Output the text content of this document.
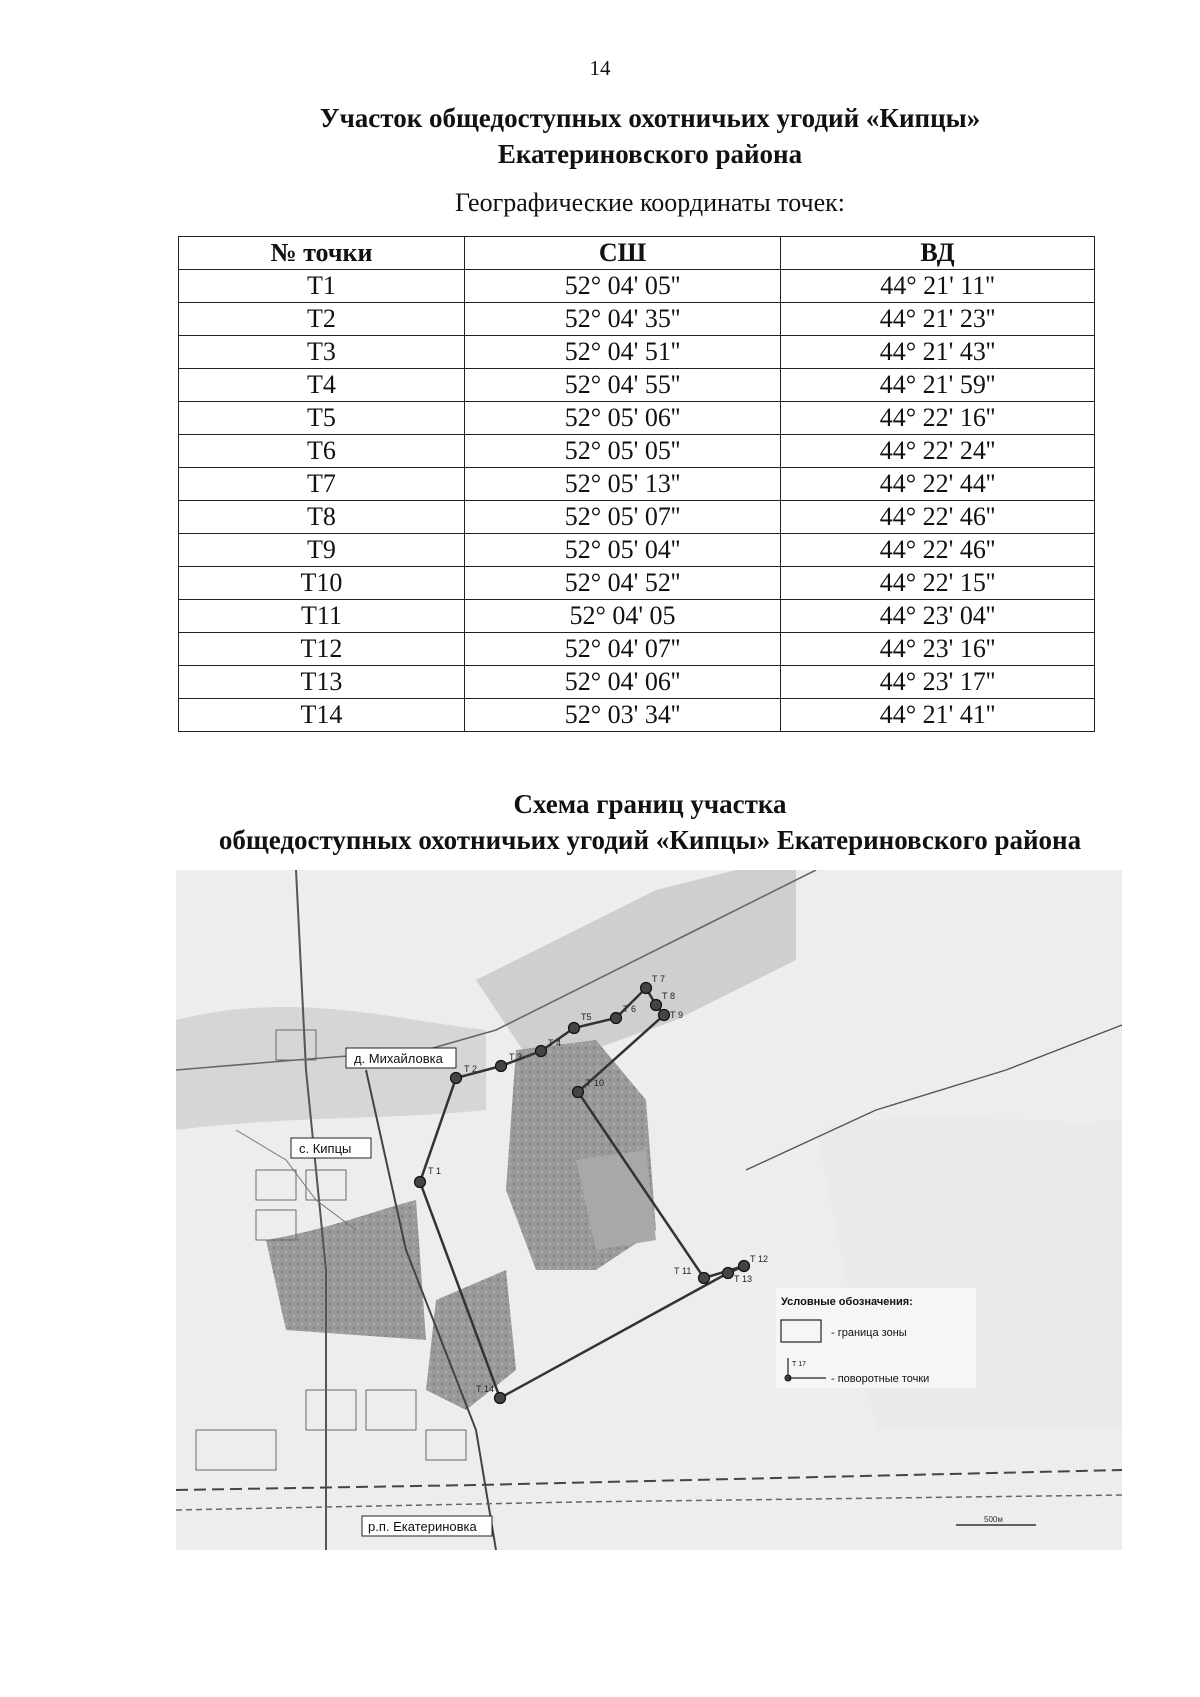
14
Участок общедоступных охотничьих угодий «Кипцы»
Екатериновского района
Географические координаты точек:
№ точки	СШ	ВД
Т1	52° 04' 05''	44° 21' 11''
Т2	52° 04' 35''	44° 21' 23''
Т3	52° 04' 51''	44° 21' 43''
Т4	52° 04' 55''	44° 21' 59''
Т5	52° 05' 06''	44° 22' 16''
Т6	52° 05' 05''	44° 22' 24''
Т7	52° 05' 13''	44° 22' 44''
Т8	52° 05' 07''	44° 22' 46''
Т9	52° 05' 04''	44° 22' 46''
Т10	52° 04' 52''	44° 22' 15''
Т11	52° 04' 05	44° 23' 04''
Т12	52° 04' 07''	44° 23' 16''
Т13	52° 04' 06''	44° 23' 17''
Т14	52° 03' 34''	44° 21' 41''
Схема границ участка
общедоступных охотничьих угодий «Кипцы» Екатериновского района
Т 1
Т 2
Т 3
Т 4
Т5
Т 6
Т 7
Т 8
Т 9
Т 10
Т 11
Т 12
Т 13
Т 14
д. Михайловка
с. Кипцы
р.п. Екатериновка
Условные обозначения:
- граница зоны
Т 17
- поворотные точки
500м
